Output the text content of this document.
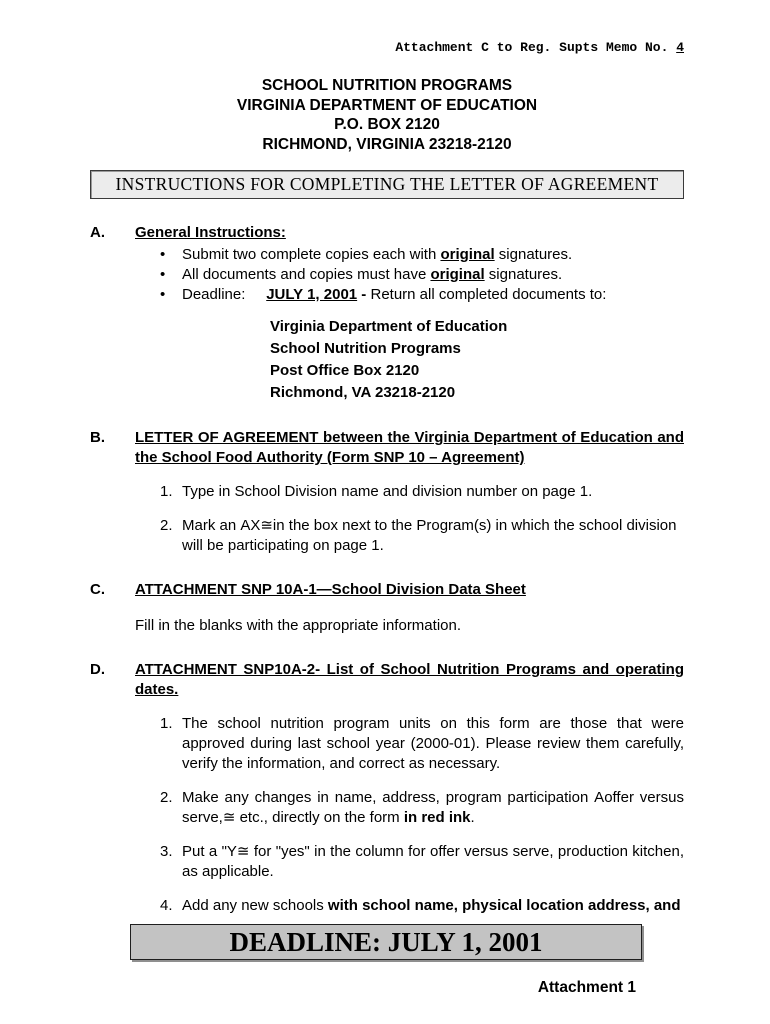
Attachment C to Reg. Supts Memo No. 4
SCHOOL NUTRITION PROGRAMS
VIRGINIA DEPARTMENT OF EDUCATION
P.O. BOX 2120
RICHMOND, VIRGINIA 23218-2120
INSTRUCTIONS FOR COMPLETING THE LETTER OF AGREEMENT
A.	General Instructions:
•	Submit two complete copies each with original signatures.
•	All documents and copies must have original signatures.
•	Deadline:     JULY 1, 2001 - Return all completed documents to:
Virginia Department of Education
School Nutrition Programs
Post Office Box 2120
Richmond, VA 23218-2120
B.	LETTER OF AGREEMENT between the Virginia Department of Education and the School Food Authority (Form SNP 10 – Agreement)
1. Type in School Division name and division number on page 1.
2. Mark an ΑX≅in the box next to the Program(s) in which the school division will be participating on page 1.
C.	ATTACHMENT SNP 10A-1—School Division Data Sheet
Fill in the blanks with the appropriate information.
D.	ATTACHMENT SNP10A-2- List of School Nutrition Programs and operating dates.
1. The school nutrition program units on this form are those that were approved during last school year (2000-01). Please review them carefully, verify the information, and correct as necessary.
2. Make any changes in name, address, program participation Αoffer versus serve,≅ etc., directly on the form in red ink.
3. Put a "Y≅ for "yes" in the column for offer versus serve, production kitchen, as applicable.
4. Add any new schools with school name, physical location address, and
DEADLINE: JULY 1, 2001
Attachment 1
